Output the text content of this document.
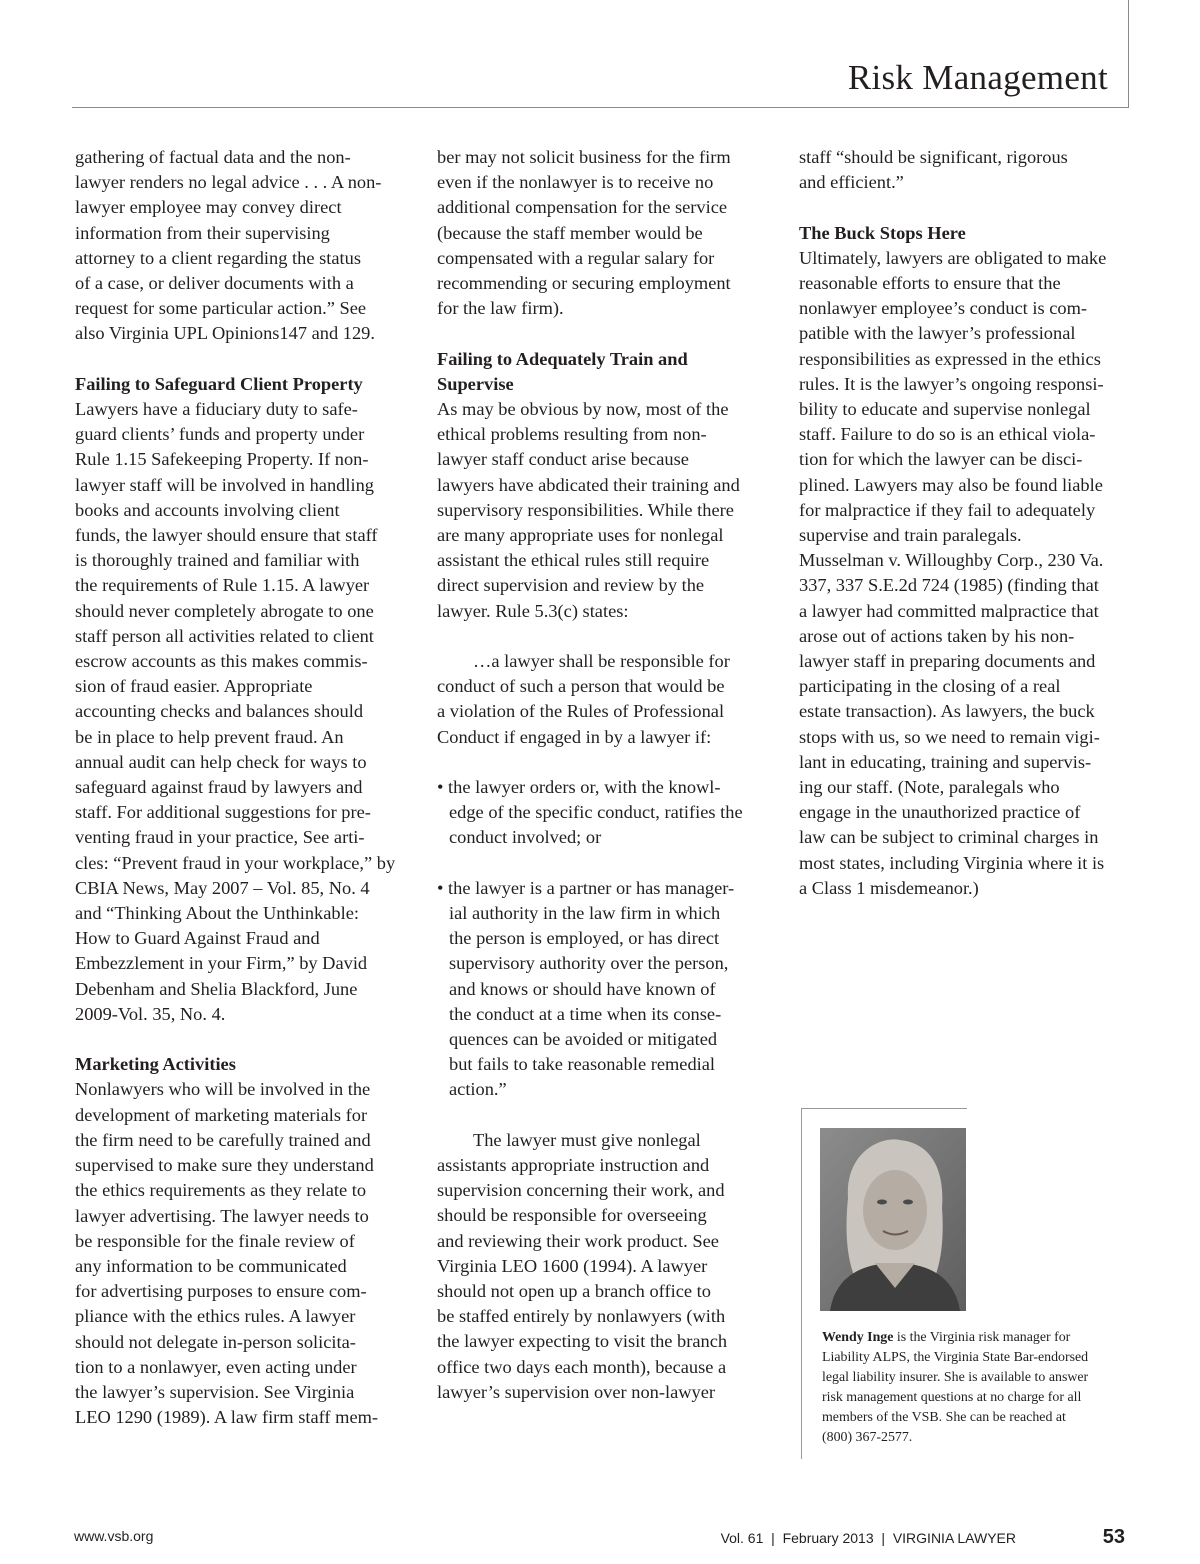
Risk Management

gathering of factual data and the non-
lawyer renders no legal advice . . . A non-
lawyer employee may convey direct
information from their supervising
attorney to a client regarding the status
of a case, or deliver documents with a
request for some particular action.” See
also Virginia UPL Opinions147 and 129.

Failing to Safeguard Client Property

Lawyers have a fiduciary duty to safe-
guard clients’ funds and property under
Rule 1.15 Safekeeping Property. If non-
lawyer staff will be involved in handling
books and accounts involving client
funds, the lawyer should ensure that staff
is thoroughly trained and familiar with
the requirements of Rule 1.15. A lawyer
should never completely abrogate to one
staff person all activities related to client
escrow accounts as this makes commis-
sion of fraud easier. Appropriate
accounting checks and balances should
be in place to help prevent fraud. An
annual audit can help check for ways to
safeguard against fraud by lawyers and
staff. For additional suggestions for pre-
venting fraud in your practice, See arti-
cles: “Prevent fraud in your workplace,” by
CBIA News, May 2007 – Vol. 85, No. 4
and “Thinking About the Unthinkable:
How to Guard Against Fraud and
Embezzlement in your Firm,” by David
Debenham and Shelia Blackford, June
2009-Vol. 35, No. 4.

Marketing Activities

Nonlawyers who will be involved in the
development of marketing materials for
the firm need to be carefully trained and
supervised to make sure they understand
the ethics requirements as they relate to
lawyer advertising. The lawyer needs to
be responsible for the finale review of
any information to be communicated
for advertising purposes to ensure com-
pliance with the ethics rules. A lawyer
should not delegate in-person solicita-
tion to a nonlawyer, even acting under
the lawyer’s supervision. See Virginia
LEO 1290 (1989). A law firm staff mem-

ber may not solicit business for the firm
even if the nonlawyer is to receive no
additional compensation for the service
(because the staff member would be
compensated with a regular salary for
recommending or securing employment
for the law firm).

Failing to Adequately Train and
Supervise

As may be obvious by now, most of the
ethical problems resulting from non-
lawyer staff conduct arise because
lawyers have abdicated their training and
supervisory responsibilities. While there
are many appropriate uses for nonlegal
assistant the ethical rules still require
direct supervision and review by the
lawyer. Rule 5.3(c) states:

…a lawyer shall be responsible for
conduct of such a person that would be
a violation of the Rules of Professional
Conduct if engaged in by a lawyer if:

• the lawyer orders or, with the knowl-
edge of the specific conduct, ratifies the
conduct involved; or

• the lawyer is a partner or has manager-
ial authority in the law firm in which
the person is employed, or has direct
supervisory authority over the person,
and knows or should have known of
the conduct at a time when its conse-
quences can be avoided or mitigated
but fails to take reasonable remedial
action.”

The lawyer must give nonlegal
assistants appropriate instruction and
supervision concerning their work, and
should be responsible for overseeing
and reviewing their work product. See
Virginia LEO 1600 (1994). A lawyer
should not open up a branch office to
be staffed entirely by nonlawyers (with
the lawyer expecting to visit the branch
office two days each month), because a
lawyer’s supervision over non-lawyer

staff “should be significant, rigorous
and efficient.”

The Buck Stops Here

Ultimately, lawyers are obligated to make
reasonable efforts to ensure that the
nonlawyer employee’s conduct is com-
patible with the lawyer’s professional
responsibilities as expressed in the ethics
rules. It is the lawyer’s ongoing responsi-
bility to educate and supervise nonlegal
staff. Failure to do so is an ethical viola-
tion for which the lawyer can be disci-
plined. Lawyers may also be found liable
for malpractice if they fail to adequately
supervise and train paralegals.
Musselman v. Willoughby Corp., 230 Va.
337, 337 S.E.2d 724 (1985) (finding that
a lawyer had committed malpractice that
arose out of actions taken by his non-
lawyer staff in preparing documents and
participating in the closing of a real
estate transaction). As lawyers, the buck
stops with us, so we need to remain vigi-
lant in educating, training and supervis-
ing our staff. (Note, paralegals who
engage in the unauthorized practice of
law can be subject to criminal charges in
most states, including Virginia where it is
a Class 1 misdemeanor.)

Wendy Inge is the Virginia risk manager for
Liability ALPS, the Virginia State Bar-endorsed
legal liability insurer. She is available to answer
risk management questions at no charge for all
members of the VSB. She can be reached at
(800) 367-2577.
www.vsb.org	Vol. 61  |  February 2013  |  VIRGINIA LAWYER	53
